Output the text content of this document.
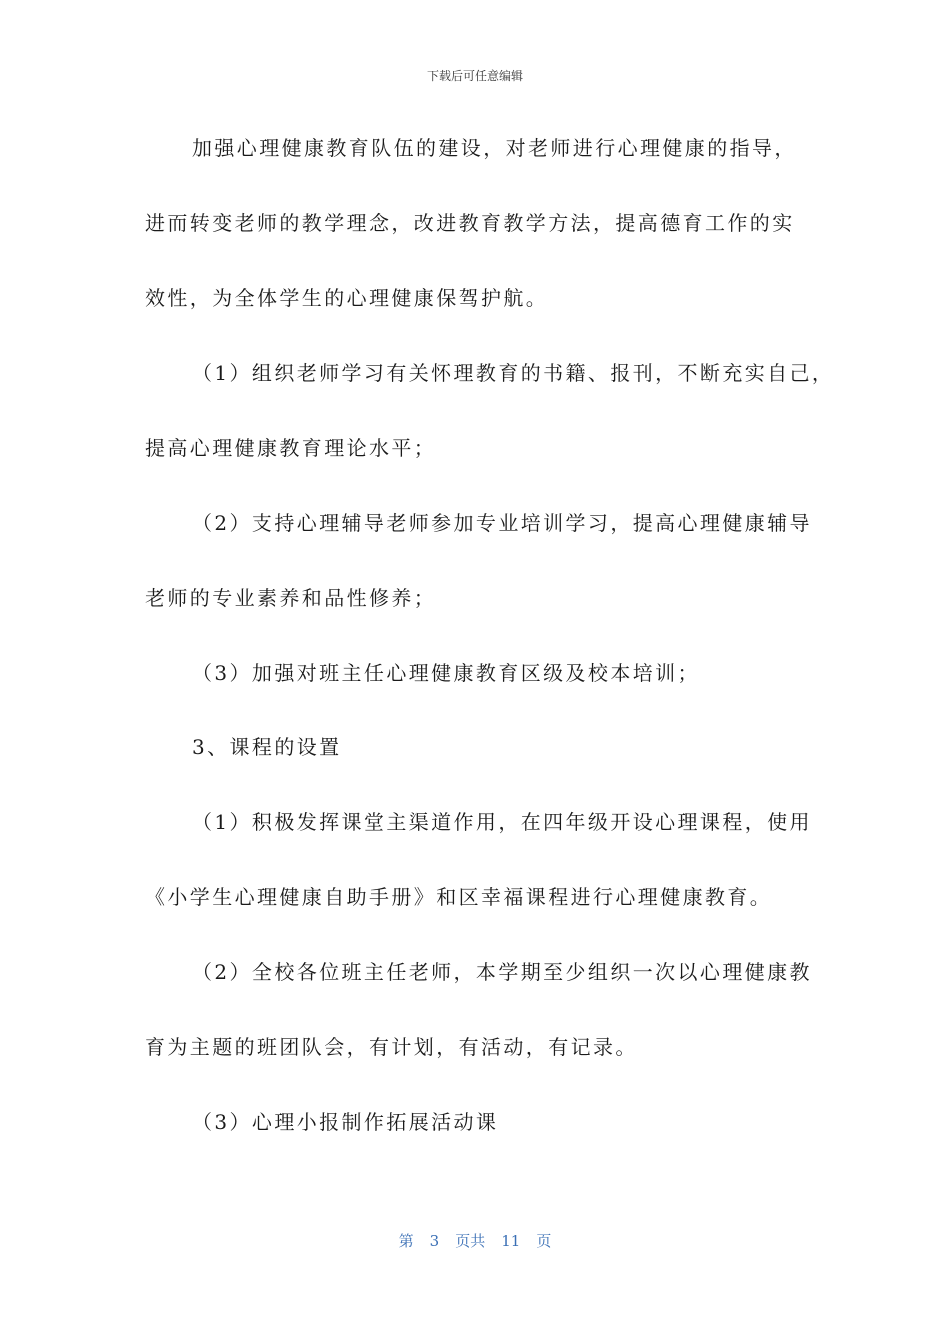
下载后可任意编辑
加强心理健康教育队伍的建设，对老师进行心理健康的指导，
进而转变老师的教学理念，改进教育教学方法，提高德育工作的实
效性，为全体学生的心理健康保驾护航。
（1）组织老师学习有关怀理教育的书籍、报刊，不断充实自己，
提高心理健康教育理论水平；
（2）支持心理辅导老师参加专业培训学习，提高心理健康辅导
老师的专业素养和品性修养；
（3）加强对班主任心理健康教育区级及校本培训；
3、课程的设置
（1）积极发挥课堂主渠道作用，在四年级开设心理课程，使用
《小学生心理健康自助手册》和区幸福课程进行心理健康教育。
（2）全校各位班主任老师，本学期至少组织一次以心理健康教
育为主题的班团队会，有计划，有活动，有记录。
（3）心理小报制作拓展活动课
第 3 页共 11 页
